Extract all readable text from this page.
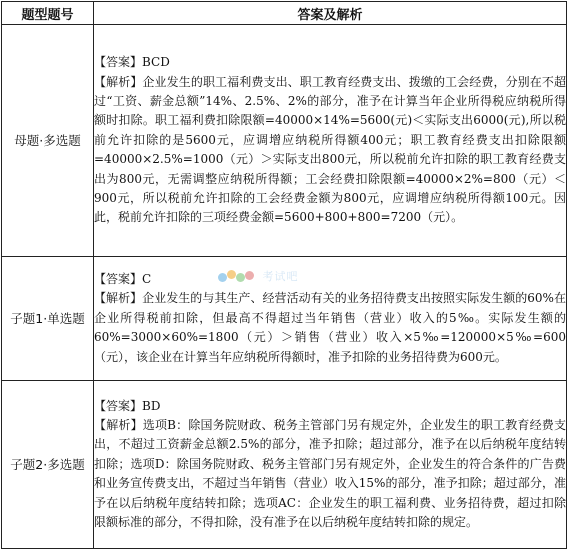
题型题号	答案及解析
母题·多选题	【答案】BCD
【解析】企业发生的职工福利费支出、职工教育经费支出、拨缴的工会经费，分别在不超过“工资、薪金总额”14%、2.5%、2%的部分，准予在计算当年企业所得税应纳税所得额时扣除。职工福利费扣除限额=40000×14%=5600(元)＜实际支出6000(元),所以税前允许扣除的是5600元，应调增应纳税所得额400元；职工教育经费支出扣除限额=40000×2.5%=1000（元）＞实际支出800元，所以税前允许扣除的职工教育经费支出为800元，无需调整应纳税所得额；工会经费扣除限额=40000×2%=800（元）＜900元，所以税前允许扣除的工会经费金额为800元，应调增应纳税所得额100元。因此，税前允许扣除的三项经费金额=5600+800+800=7200（元）。

子题1·单选题	【答案】C
【解析】企业发生的与其生产、经营活动有关的业务招待费支出按照实际发生额的60%在企业所得税前扣除，但最高不得超过当年销售（营业）收入的5‰。实际发生额的60%=3000×60%=1800（元）＞销售（营业）收入×5‰=120000×5‰=600（元），该企业在计算当年应纳税所得额时，准予扣除的业务招待费为600元。

子题2·多选题	【答案】BD
【解析】选项B：除国务院财政、税务主管部门另有规定外，企业发生的职工教育经费支出，不超过工资薪金总额2.5%的部分，准予扣除；超过部分，准予在以后纳税年度结转扣除；选项D：除国务院财政、税务主管部门另有规定外，企业发生的符合条件的广告费和业务宣传费支出，不超过当年销售（营业）收入15%的部分，准予扣除；超过部分，准予在以后纳税年度结转扣除；选项AC：企业发生的职工福利费、业务招待费，超过扣除限额标准的部分，不得扣除，没有准予在以后纳税年度结转扣除的规定。
考试吧
